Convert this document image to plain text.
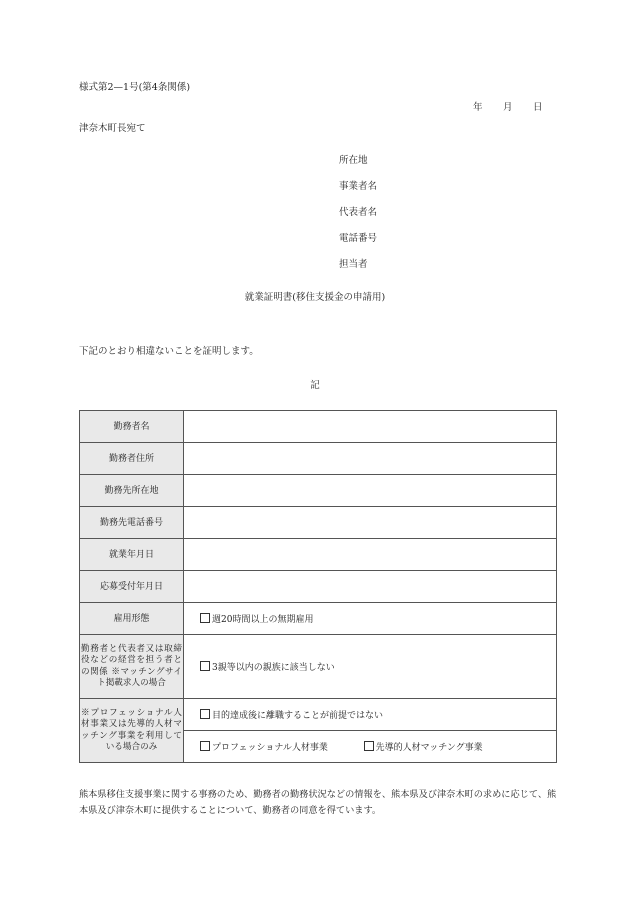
様式第2—1号(第4条関係)
年 月 日
津奈木町長宛て
所在地
事業者名
代表者名
電話番号
担当者
就業証明書(移住支援金の申請用)
下記のとおり相違ないことを証明します。
記
勤務者名	
勤務者住所	
勤務先所在地	
勤務先電話番号	
就業年月日	
応募受付年月日	
雇用形態	週20時間以上の無期雇用
勤務者と代表者又は取締役などの経営を担う者との関係 ※マッチングサイト掲載求人の場合	3親等以内の親族に該当しない
※プロフェッショナル人材事業又は先導的人材マッチング事業を利用している場合のみ	目的達成後に離職することが前提ではない
	プロフェッショナル人材事業 先導的人材マッチング事業
熊本県移住支援事業に関する事務のため、勤務者の勤務状況などの情報を、熊本県及び津奈木町の求めに応じて、熊本県及び津奈木町に提供することについて、勤務者の同意を得ています。
